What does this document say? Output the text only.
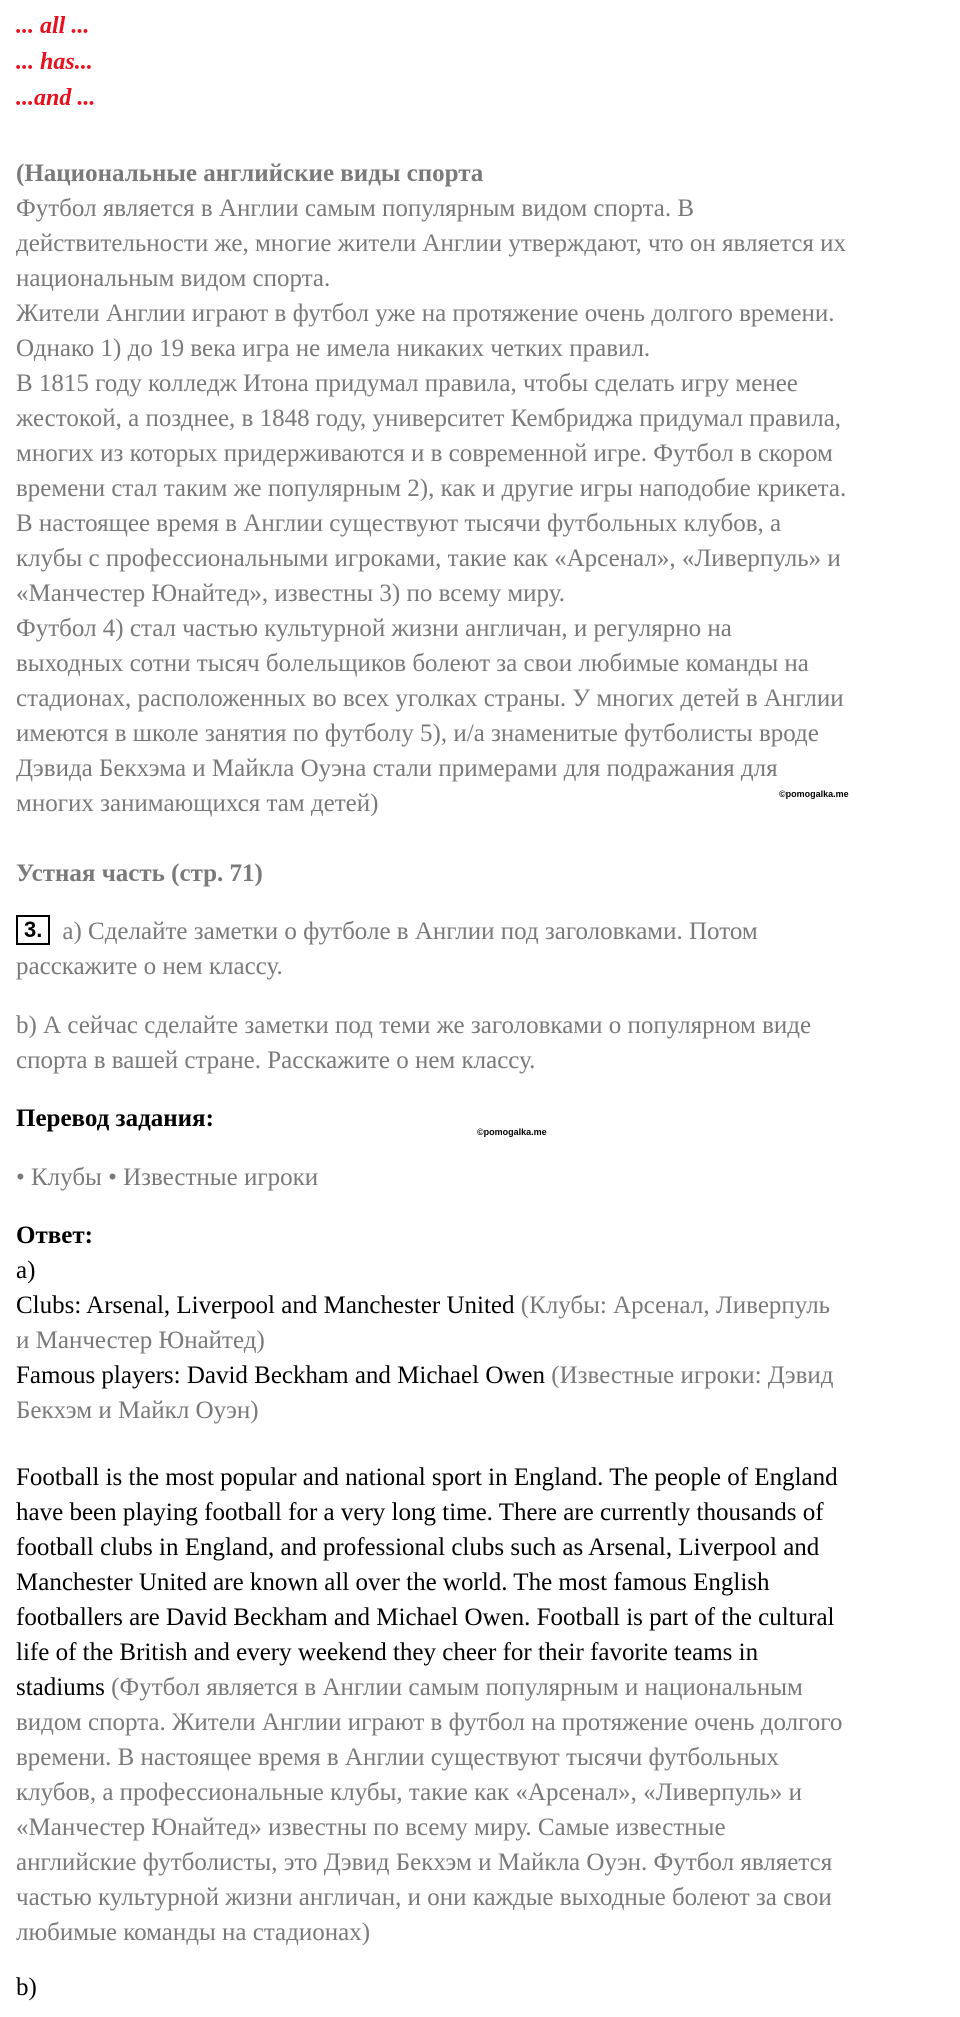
... all ...
... has...
...and ...
(Национальные английские виды спорта
Футбол является в Англии самым популярным видом спорта. В
действительности же, многие жители Англии утверждают, что он является их
национальным видом спорта.
Жители Англии играют в футбол уже на протяжение очень долгого времени.
Однако 1) до 19 века игра не имела никаких четких правил.
В 1815 году колледж Итона придумал правила, чтобы сделать игру менее
жестокой, а позднее, в 1848 году, университет Кембриджа придумал правила,
многих из которых придерживаются и в современной игре. Футбол в скором
времени стал таким же популярным 2), как и другие игры наподобие крикета.
В настоящее время в Англии существуют тысячи футбольных клубов, а
клубы с профессиональными игроками, такие как «Арсенал», «Ливерпуль» и
«Манчестер Юнайтед», известны 3) по всему миру.
Футбол 4) стал частью культурной жизни англичан, и регулярно на
выходных сотни тысяч болельщиков болеют за свои любимые команды на
стадионах, расположенных во всех уголках страны. У многих детей в Англии
имеются в школе занятия по футболу 5), и/а знаменитые футболисты вроде
Дэвида Бекхэма и Майкла Оуэна стали примерами для подражания для
многих занимающихся там детей)	©pomogalka.me
Устная часть (стр. 71)
3. a) Сделайте заметки о футболе в Англии под заголовками. Потом
расскажите о нем классу.
b) А сейчас сделайте заметки под теми же заголовками о популярном виде
спорта в вашей стране. Расскажите о нем классу.
Перевод задания:	©pomogalka.me
• Клубы • Известные игроки
Ответ:
a)
Clubs: Arsenal, Liverpool and Manchester United (Клубы: Арсенал, Ливерпуль
и Манчестер Юнайтед)
Famous players: David Beckham and Michael Owen (Известные игроки: Дэвид
Бекхэм и Майкл Оуэн)
Football is the most popular and national sport in England. The people of England
have been playing football for a very long time. There are currently thousands of
football clubs in England, and professional clubs such as Arsenal, Liverpool and
Manchester United are known all over the world. The most famous English
footballers are David Beckham and Michael Owen. Football is part of the cultural
life of the British and every weekend they cheer for their favorite teams in
stadiums (Футбол является в Англии самым популярным и национальным
видом спорта. Жители Англии играют в футбол на протяжение очень долгого
времени. В настоящее время в Англии существуют тысячи футбольных
клубов, а профессиональные клубы, такие как «Арсенал», «Ливерпуль» и
«Манчестер Юнайтед» известны по всему миру. Самые известные
английские футболисты, это Дэвид Бекхэм и Майкла Оуэн. Футбол является
частью культурной жизни англичан, и они каждые выходные болеют за свои
любимые команды на стадионах)
b)
